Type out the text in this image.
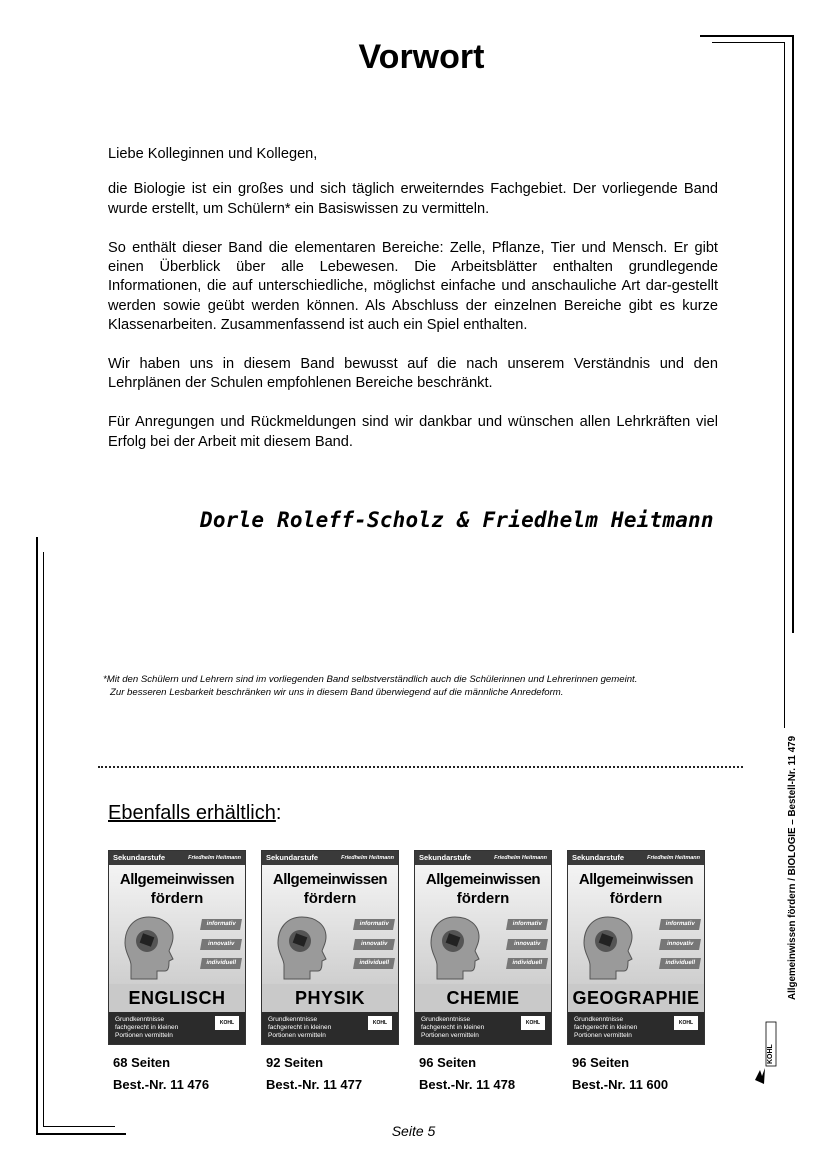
Vorwort

Liebe Kolleginnen und Kollegen,

die Biologie ist ein großes und sich täglich erweiterndes Fachgebiet. Der vorliegende Band wurde erstellt, um Schülern* ein Basiswissen zu vermitteln.

So enthält dieser Band die elementaren Bereiche: Zelle, Pflanze, Tier und Mensch. Er gibt einen Überblick über alle Lebewesen. Die Arbeitsblätter enthalten grundlegende Informationen, die auf unterschiedliche, möglichst einfache und anschauliche Art dar-gestellt werden sowie geübt werden können. Als Abschluss der einzelnen Bereiche gibt es kurze Klassenarbeiten. Zusammenfassend ist auch ein Spiel enthalten.

Wir haben uns in diesem Band bewusst auf die nach unserem Verständnis und den Lehrplänen der Schulen empfohlenen Bereiche beschränkt.

Für Anregungen und Rückmeldungen sind wir dankbar und wünschen allen Lehrkräften viel Erfolg bei der Arbeit mit diesem Band.

Dorle Roleff-Scholz & Friedhelm Heitmann
*Mit den Schülern und Lehrern sind im vorliegenden Band selbstverständlich auch die Schülerinnen und Lehrerinnen gemeint.
Zur besseren Lesbarkeit beschränken wir uns in diesem Band überwiegend auf die männliche Anredeform.
Ebenfalls erhältlich:
Sekundarstufe	Friedhelm Heitmann
Allgemeinwissen
fördern
informativ
innovativ
individuell
ENGLISCH
Grundkenntnisse
fachgerecht in kleinen
Portionen vermitteln
KOHL
68 Seiten
Best.-Nr. 11 476
Sekundarstufe	Friedhelm Heitmann
Allgemeinwissen
fördern
informativ
innovativ
individuell
PHYSIK
Grundkenntnisse
fachgerecht in kleinen
Portionen vermitteln
KOHL
92 Seiten
Best.-Nr. 11 477
Sekundarstufe	Friedhelm Heitmann
Allgemeinwissen
fördern
informativ
innovativ
individuell
CHEMIE
Grundkenntnisse
fachgerecht in kleinen
Portionen vermitteln
KOHL
96 Seiten
Best.-Nr. 11 478
Sekundarstufe	Friedhelm Heitmann
Allgemeinwissen
fördern
informativ
innovativ
individuell
GEOGRAPHIE
Grundkenntnisse
fachgerecht in kleinen
Portionen vermitteln
KOHL
96 Seiten
Best.-Nr. 11 600
Seite 5
Allgemeinwissen fördern / BIOLOGIE – Bestell-Nr. 11 479
KOHL
